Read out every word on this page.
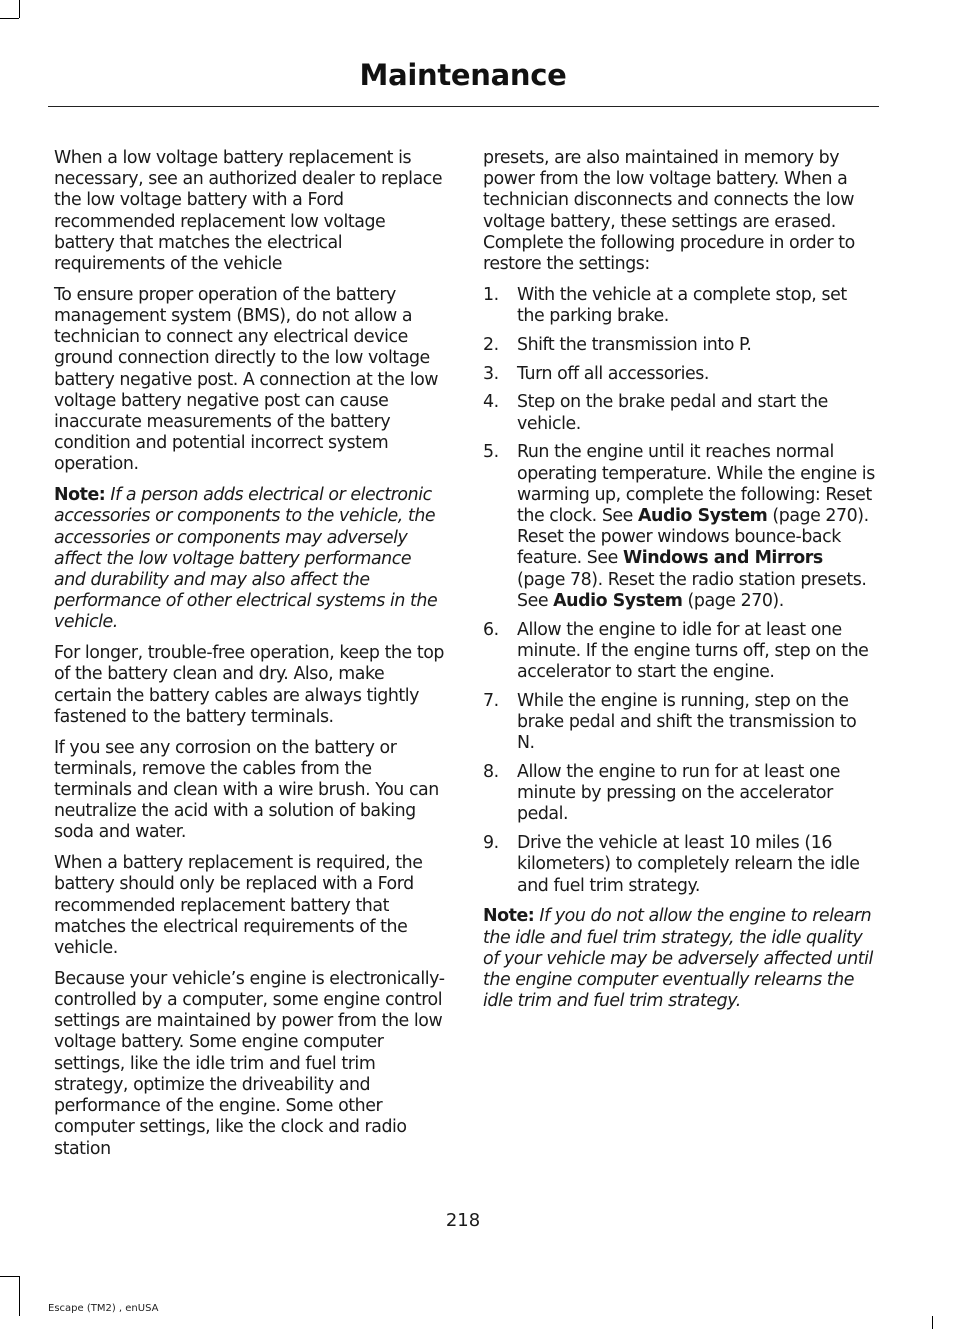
Maintenance

When a low voltage battery replacement is necessary, see an authorized dealer to replace the low voltage battery with a Ford recommended replacement low voltage battery that matches the electrical requirements of the vehicle

To ensure proper operation of the battery management system (BMS), do not allow a technician to connect any electrical device ground connection directly to the low voltage battery negative post. A connection at the low voltage battery negative post can cause inaccurate measurements of the battery condition and potential incorrect system operation.

Note: If a person adds electrical or electronic accessories or components to the vehicle, the accessories or components may adversely affect the low voltage battery performance and durability and may also affect the performance of other electrical systems in the vehicle.

For longer, trouble-free operation, keep the top of the battery clean and dry. Also, make certain the battery cables are always tightly fastened to the battery terminals.

If you see any corrosion on the battery or terminals, remove the cables from the terminals and clean with a wire brush. You can neutralize the acid with a solution of baking soda and water.

When a battery replacement is required, the battery should only be replaced with a Ford recommended replacement battery that matches the electrical requirements of the vehicle.

Because your vehicle’s engine is electronically-controlled by a computer, some engine control settings are maintained by power from the low voltage battery. Some engine computer settings, like the idle trim and fuel trim strategy, optimize the driveability and performance of the engine. Some other computer settings, like the clock and radio station

presets, are also maintained in memory by power from the low voltage battery. When a technician disconnects and connects the low voltage battery, these settings are erased. Complete the following procedure in order to restore the settings:

1.	With the vehicle at a complete stop, set the parking brake.
2.	Shift the transmission into P.
3.	Turn off all accessories.
4.	Step on the brake pedal and start the vehicle.
5.	Run the engine until it reaches normal operating temperature. While the engine is warming up, complete the following: Reset the clock. See Audio System (page 270). Reset the power windows bounce-back feature. See Windows and Mirrors (page 78). Reset the radio station presets. See Audio System (page 270).
6.	Allow the engine to idle for at least one minute. If the engine turns off, step on the accelerator to start the engine.
7.	While the engine is running, step on the brake pedal and shift the transmission to N.
8.	Allow the engine to run for at least one minute by pressing on the accelerator pedal.
9.	Drive the vehicle at least 10 miles (16 kilometers) to completely relearn the idle and fuel trim strategy.

Note: If you do not allow the engine to relearn the idle and fuel trim strategy, the idle quality of your vehicle may be adversely affected until the engine computer eventually relearns the idle trim and fuel trim strategy.

218
Escape (TM2) , enUSA
